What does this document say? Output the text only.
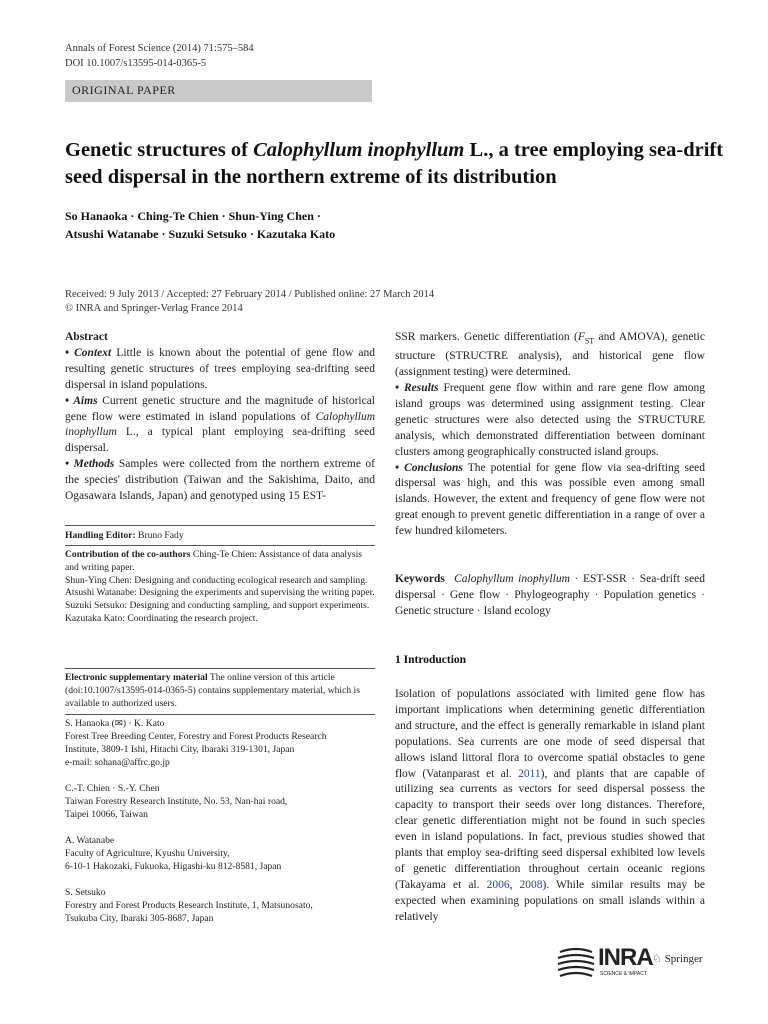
Annals of Forest Science (2014) 71:575–584
DOI 10.1007/s13595-014-0365-5
ORIGINAL PAPER
Genetic structures of Calophyllum inophyllum L., a tree employing sea-drift seed dispersal in the northern extreme of its distribution
So Hanaoka · Ching-Te Chien · Shun-Ying Chen ·
Atsushi Watanabe · Suzuki Setsuko · Kazutaka Kato
Received: 9 July 2013 / Accepted: 27 February 2014 / Published online: 27 March 2014
© INRA and Springer-Verlag France 2014
Abstract
• Context Little is known about the potential of gene flow and resulting genetic structures of trees employing sea-drifting seed dispersal in island populations.
• Aims Current genetic structure and the magnitude of historical gene flow were estimated in island populations of Calophyllum inophyllum L., a typical plant employing sea-drifting seed dispersal.
• Methods Samples were collected from the northern extreme of the species' distribution (Taiwan and the Sakishima, Daito, and Ogasawara Islands, Japan) and genotyped using 15 EST-
Handling Editor: Bruno Fady
Contribution of the co-authors Ching-Te Chien: Assistance of data analysis and writing paper.
Shun-Ying Chen: Designing and conducting ecological research and sampling.
Atsushi Watanabe: Designing the experiments and supervising the writing paper.
Suzuki Setsuko: Designing and conducting sampling, and support experiments.
Kazutaka Kato: Coordinating the research project.
Electronic supplementary material The online version of this article (doi:10.1007/s13595-014-0365-5) contains supplementary material, which is available to authorized users.
S. Hanaoka (✉) · K. Kato
Forest Tree Breeding Center, Forestry and Forest Products Research
Institute, 3809-1 Ishi, Hitachi City, Ibaraki 319-1301, Japan
e-mail: sohana@affrc.go.jp
C.-T. Chien · S.-Y. Chen
Taiwan Forestry Research Institute, No. 53, Nan-hai road,
Taipei 10066, Taiwan
A. Watanabe
Faculty of Agriculture, Kyushu University,
6-10-1 Hakozaki, Fukuoka, Higashi-ku 812-8581, Japan
S. Setsuko
Forestry and Forest Products Research Institute, 1, Matsunosato,
Tsukuba City, Ibaraki 305-8687, Japan
SSR markers. Genetic differentiation ($F_{ST}$ and AMOVA), genetic structure (STRUCTRE analysis), and historical gene flow (assignment testing) were determined.
• Results Frequent gene flow within and rare gene flow among island groups was determined using assignment testing. Clear genetic structures were also detected using the STRUCTURE analysis, which demonstrated differentiation between dominant clusters among geographically constructed island groups.
• Conclusions The potential for gene flow via sea-drifting seed dispersal was high, and this was possible even among small islands. However, the extent and frequency of gene flow were not great enough to prevent genetic differentiation in a range of over a few hundred kilometers.
Keywords Calophyllum inophyllum · EST-SSR · Sea-drift seed dispersal · Gene flow · Phylogeography · Population genetics · Genetic structure · Island ecology
1 Introduction
Isolation of populations associated with limited gene flow has important implications when determining genetic differentiation and structure, and the effect is generally remarkable in island plant populations. Sea currents are one mode of seed dispersal that allows island littoral flora to overcome spatial obstacles to gene flow (Vatanparast et al. 2011), and plants that are capable of utilizing sea currents as vectors for seed dispersal possess the capacity to transport their seeds over long distances. Therefore, clear genetic differentiation might not be found in such species even in island populations. In fact, previous studies showed that plants that employ sea-drifting seed dispersal exhibited low levels of genetic differentiation throughout certain oceanic regions (Takayama et al. 2006, 2008). While similar results may be expected when examining populations on small islands within a relatively
INRA
SCIENCE & IMPACT
♘ Springer
